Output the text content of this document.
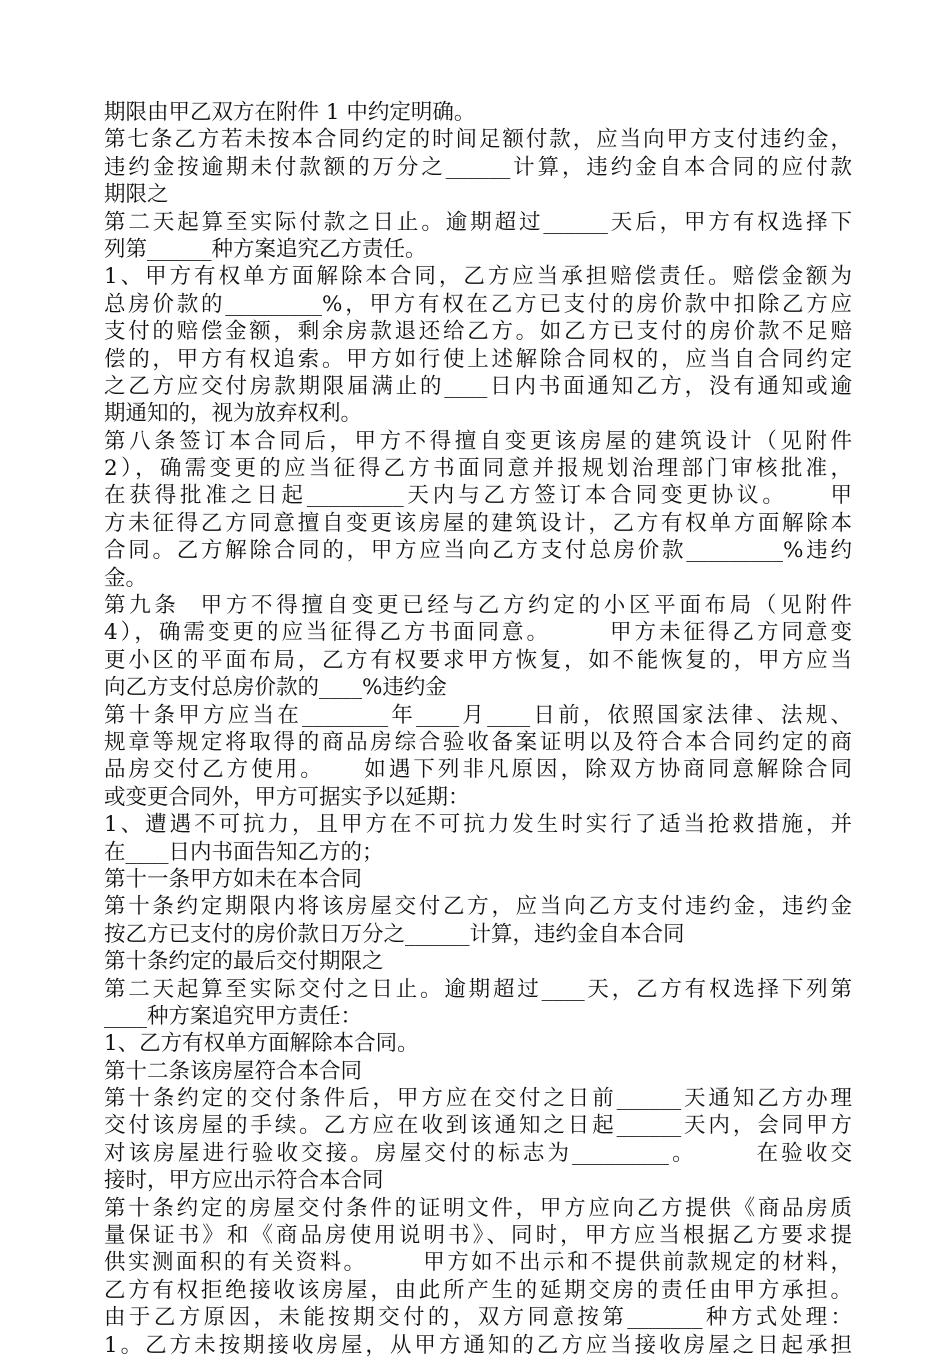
期限由甲乙双方在附件 1 中约定明确。
第七条乙方若未按本合同约定的时间足额付款，应当向甲方支付违约金，
违约金按逾期未付款额的万分之______计算，违约金自本合同的应付款
期限之
第二天起算至实际付款之日止。逾期超过______天后，甲方有权选择下
列第______种方案追究乙方责任。
1、甲方有权单方面解除本合同，乙方应当承担赔偿责任。赔偿金额为
总房价款的_________%，甲方有权在乙方已支付的房价款中扣除乙方应
支付的赔偿金额，剩余房款退还给乙方。如乙方已支付的房价款不足赔
偿的，甲方有权追索。甲方如行使上述解除合同权的，应当自合同约定
之乙方应交付房款期限届满止的____日内书面通知乙方，没有通知或逾
期通知的，视为放弃权利。
第八条签订本合同后，甲方不得擅自变更该房屋的建筑设计（见附件
2），确需变更的应当征得乙方书面同意并报规划治理部门审核批准，
在获得批准之日起_________天内与乙方签订本合同变更协议。    甲
方未征得乙方同意擅自变更该房屋的建筑设计，乙方有权单方面解除本
合同。乙方解除合同的，甲方应当向乙方支付总房价款_________%违约
金。
第九条  甲方不得擅自变更已经与乙方约定的小区平面布局（见附件
4），确需变更的应当征得乙方书面同意。      甲方未征得乙方同意变
更小区的平面布局，乙方有权要求甲方恢复，如不能恢复的，甲方应当
向乙方支付总房价款的____%违约金
第十条甲方应当在________年____月____日前，依照国家法律、法规、
规章等规定将取得的商品房综合验收备案证明以及符合本合同约定的商
品房交付乙方使用。    如遇下列非凡原因，除双方协商同意解除合同
或变更合同外，甲方可据实予以延期：
1、遭遇不可抗力，且甲方在不可抗力发生时实行了适当抢救措施，并
在____日内书面告知乙方的；
第十一条甲方如未在本合同
第十条约定期限内将该房屋交付乙方，应当向乙方支付违约金，违约金
按乙方已支付的房价款日万分之______计算，违约金自本合同
第十条约定的最后交付期限之
第二天起算至实际交付之日止。逾期超过____天，乙方有权选择下列第
____种方案追究甲方责任：
1、乙方有权单方面解除本合同。
第十二条该房屋符合本合同
第十条约定的交付条件后，甲方应在交付之日前______天通知乙方办理
交付该房屋的手续。乙方应在收到该通知之日起______天内，会同甲方
对该房屋进行验收交接。房屋交付的标志为_________。      在验收交
接时，甲方应出示符合本合同
第十条约定的房屋交付条件的证明文件，甲方应向乙方提供《商品房质
量保证书》和《商品房使用说明书》、同时，甲方应当根据乙方要求提
供实测面积的有关资料。      甲方如不出示和不提供前款规定的材料，
乙方有权拒绝接收该房屋，由此所产生的延期交房的责任由甲方承担。
由于乙方原因，未能按期交付的，双方同意按第_______种方式处理：
1。乙方未按期接收房屋，从甲方通知的乙方应当接收房屋之日起承担
